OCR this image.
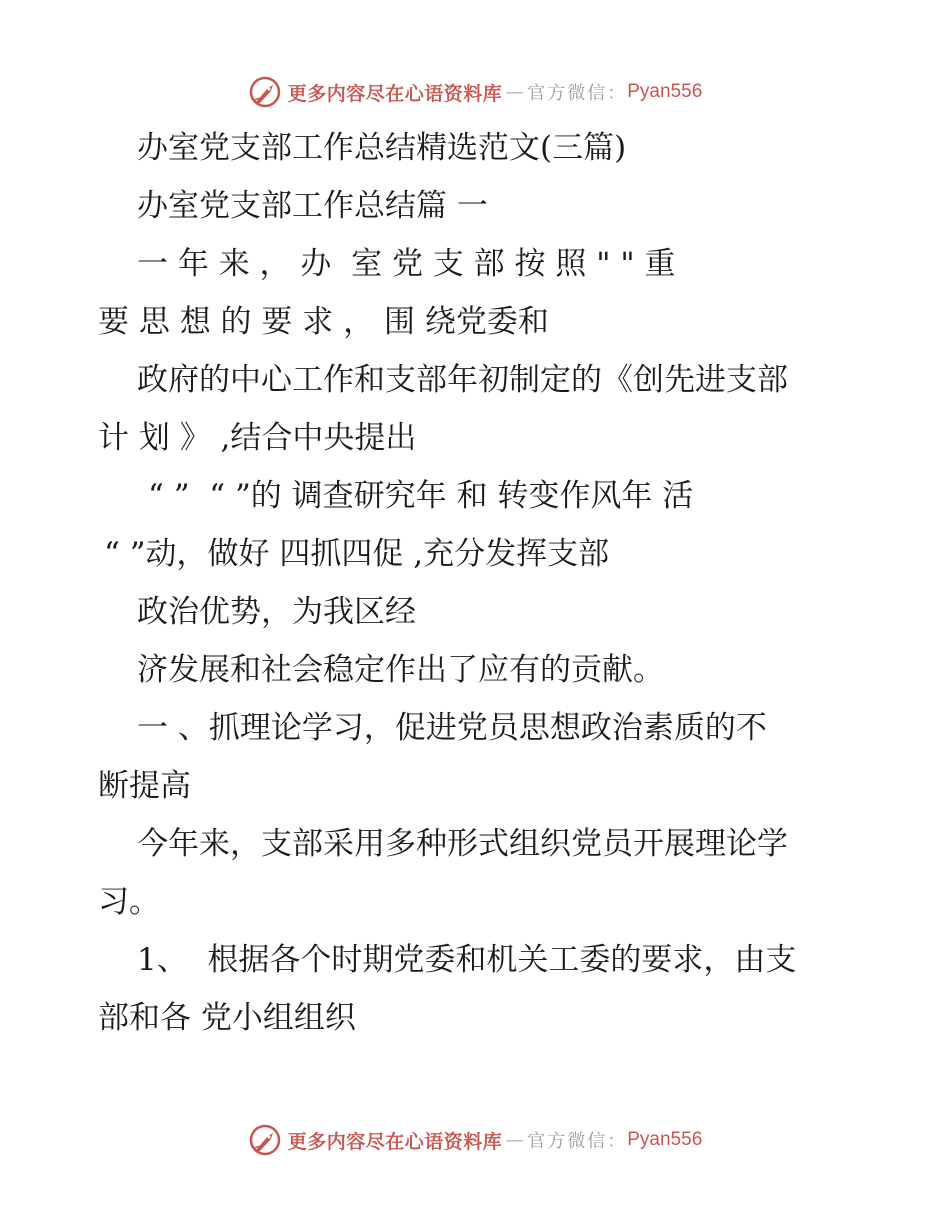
更多内容尽在心语资料库 — 官方微信： Pyan556
办室党支部工作总结精选范文(三篇)
办室党支部工作总结篇 一
一 年 来 ， 办  室 党 支 部 按 照 " " 重
要 思 想 的 要 求 ， 围 绕党委和
政府的中心工作和支部年初制定的《创先进支部
计 划 》 ,结合中央提出
“ ”  “ ”的 调查研究年 和 转变作风年 活
“ ”动，做好 四抓四促 ,充分发挥支部
政治优势，为我区经
济发展和社会稳定作出了应有的贡献。
一 、抓理论学习，促进党员思想政治素质的不
断提高
今年来，支部采用多种形式组织党员开展理论学
习。
1、  根据各个时期党委和机关工委的要求，由支
部和各 党小组组织
更多内容尽在心语资料库 — 官方微信： Pyan556
